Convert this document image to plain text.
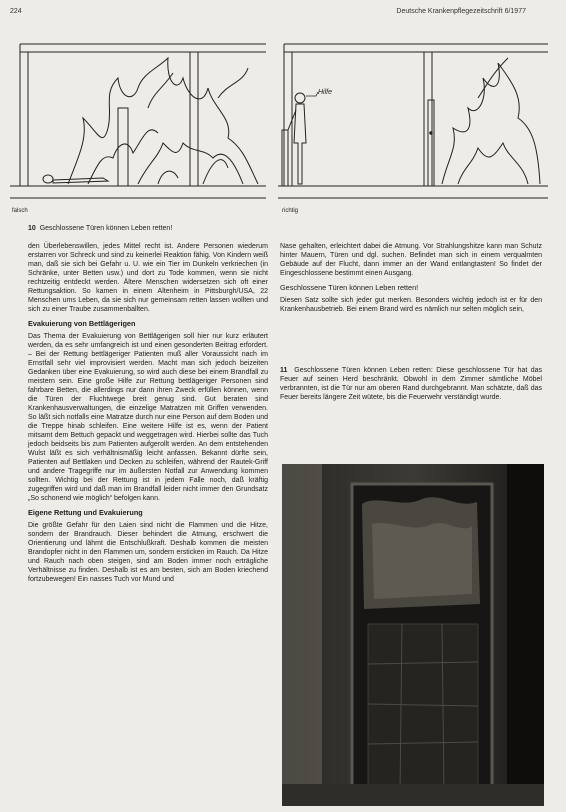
224	Deutsche Krankenpflegezeitschrift 6/1977
falsch
Hilfe
richtig
10 Geschlossene Türen können Leben retten!

den Überlebenswillen, jedes Mittel recht ist. Andere Personen wiederum erstarren vor Schreck und sind zu keinerlei Reaktion fähig. Von Kindern weiß man, daß sie sich bei Gefahr u. U. wie ein Tier im Dunkeln verkriechen (in Schränke, unter Betten usw.) und dort zu Tode kommen, wenn sie nicht rechtzeitig entdeckt werden. Ältere Menschen widersetzen sich oft einer Rettungsaktion. So kamen in einem Altenheim in Pittsburgh/USA, 22 Menschen ums Leben, da sie sich nur gemeinsam retten lassen wollten und sich zu einer Traube zusammenballten.

Evakuierung von Bettlägerigen

Das Thema der Evakuierung von Bettlägerigen soll hier nur kurz erläutert werden, da es sehr umfangreich ist und einen gesonderten Beitrag erfordert. – Bei der Rettung bettlägeriger Patienten muß aller Voraussicht nach im Ernstfall sehr viel improvisiert werden. Macht man sich jedoch beizeiten Gedanken über eine Evakuierung, so wird auch diese bei einem Brandfall zu meistern sein. Eine große Hilfe zur Rettung bettlägeriger Personen sind fahrbare Betten, die allerdings nur dann ihren Zweck erfüllen können, wenn die Türen der Fluchtwege breit genug sind. Gut beraten sind Krankenhausverwaltungen, die einzelige Matratzen mit Griffen verwenden. So läßt sich notfalls eine Matratze durch nur eine Person auf dem Boden und die Treppe hinab schleifen. Eine weitere Hilfe ist es, wenn der Patient mitsamt dem Bettuch gepackt und weggetragen wird. Hierbei sollte das Tuch jedoch beidseits bis zum Patienten aufgerollt werden. An dem entstehenden Wulst läßt es sich verhältnismäßig leicht anfassen. Bekannt dürfte sein, Patienten auf Bettlaken und Decken zu schleifen, während der Rautek-Griff und andere Tragegriffe nur im äußersten Notfall zur Anwendung kommen sollten. Wichtig bei der Rettung ist in jedem Falle noch, daß kräftig zugegriffen wird und daß man im Brandfall leider nicht immer den Grundsatz „So schonend wie möglich“ befolgen kann.

Eigene Rettung und Evakuierung

Die größte Gefahr für den Laien sind nicht die Flammen und die Hitze, sondern der Brandrauch. Dieser behindert die Atmung, erschwert die Orientierung und lähmt die Entschlußkraft. Deshalb kommen die meisten Brandopfer nicht in den Flammen um, sondern ersticken im Rauch. Da Hitze und Rauch nach oben steigen, sind am Boden immer noch erträgliche Verhältnisse zu finden. Deshalb ist es am besten, sich am Boden kriechend fortzubewegen! Ein nasses Tuch vor Mund und

Nase gehalten, erleichtert dabei die Atmung. Vor Strahlungshitze kann man Schutz hinter Mauern, Türen und dgl. suchen. Befindet man sich in einem verqualmten Gebäude auf der Flucht, dann immer an der Wand entlangtasten! So findet der Eingeschlossene bestimmt einen Ausgang.

Geschlossene Türen können Leben retten!

Diesen Satz sollte sich jeder gut merken. Besonders wichtig jedoch ist er für den Krankenhausbetrieb. Bei einem Brand wird es nämlich nur selten möglich sein,

11 Geschlossene Türen können Leben retten: Diese geschlossene Tür hat das Feuer auf seinen Herd beschränkt. Obwohl in dem Zimmer sämtliche Möbel verbrannten, ist die Tür nur am oberen Rand durchgebrannt. Man schätzte, daß das Feuer bereits längere Zeit wütete, bis die Feuerwehr verständigt wurde.
